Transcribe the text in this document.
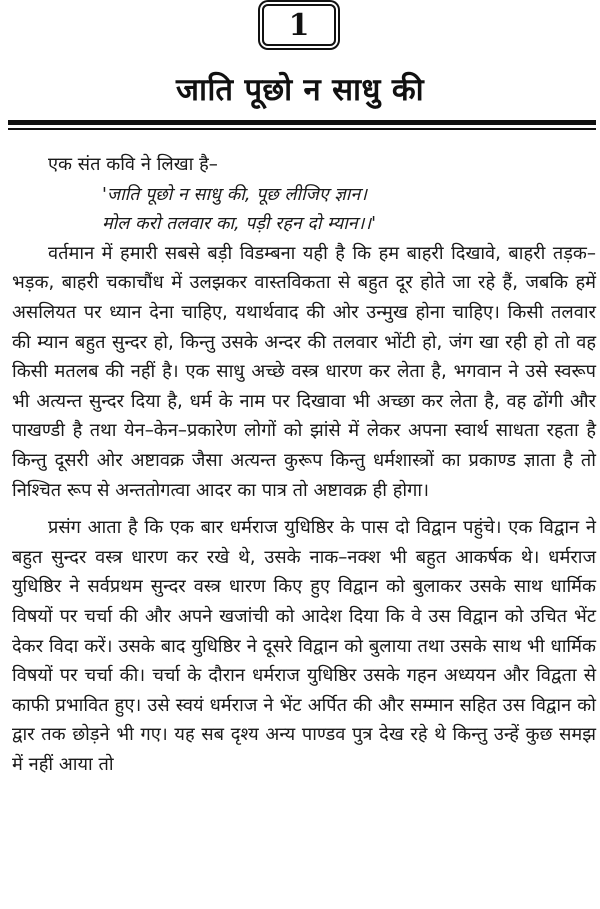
1
जाति पूछो न साधु की

एक संत कवि ने लिखा है–

'जाति पूछो न साधु की, पूछ लीजिए ज्ञान।

मोल करो तलवार का, पड़ी रहन दो म्यान।।'

वर्तमान में हमारी सबसे बड़ी विडम्बना यही है कि हम बाहरी दिखावे, बाहरी तड़क–भड़क, बाहरी चकाचौंध में उलझकर वास्तविकता से बहुत दूर होते जा रहे हैं, जबकि हमें असलियत पर ध्यान देना चाहिए, यथार्थवाद की ओर उन्मुख होना चाहिए। किसी तलवार की म्यान बहुत सुन्दर हो, किन्तु उसके अन्दर की तलवार भोंटी हो, जंग खा रही हो तो वह किसी मतलब की नहीं है। एक साधु अच्छे वस्त्र धारण कर लेता है, भगवान ने उसे स्वरूप भी अत्यन्त सुन्दर दिया है, धर्म के नाम पर दिखावा भी अच्छा कर लेता है, वह ढोंगी और पाखण्डी है तथा येन–केन–प्रकारेण लोगों को झांसे में लेकर अपना स्वार्थ साधता रहता है किन्तु दूसरी ओर अष्टावक्र जैसा अत्यन्त कुरूप किन्तु धर्मशास्त्रों का प्रकाण्ड ज्ञाता है तो निश्चित रूप से अन्ततोगत्वा आदर का पात्र तो अष्टावक्र ही होगा।

प्रसंग आता है कि एक बार धर्मराज युधिष्ठिर के पास दो विद्वान पहुंचे। एक विद्वान ने बहुत सुन्दर वस्त्र धारण कर रखे थे, उसके नाक–नक्श भी बहुत आकर्षक थे। धर्मराज युधिष्ठिर ने सर्वप्रथम सुन्दर वस्त्र धारण किए हुए विद्वान को बुलाकर उसके साथ धार्मिक विषयों पर चर्चा की और अपने खजांची को आदेश दिया कि वे उस विद्वान को उचित भेंट देकर विदा करें। उसके बाद युधिष्ठिर ने दूसरे विद्वान को बुलाया तथा उसके साथ भी धार्मिक विषयों पर चर्चा की। चर्चा के दौरान धर्मराज युधिष्ठिर उसके गहन अध्ययन और विद्वता से काफी प्रभावित हुए। उसे स्वयं धर्मराज ने भेंट अर्पित की और सम्मान सहित उस विद्वान को द्वार तक छोड़ने भी गए। यह सब दृश्य अन्य पाण्डव पुत्र देख रहे थे किन्तु उन्हें कुछ समझ में नहीं आया तो
